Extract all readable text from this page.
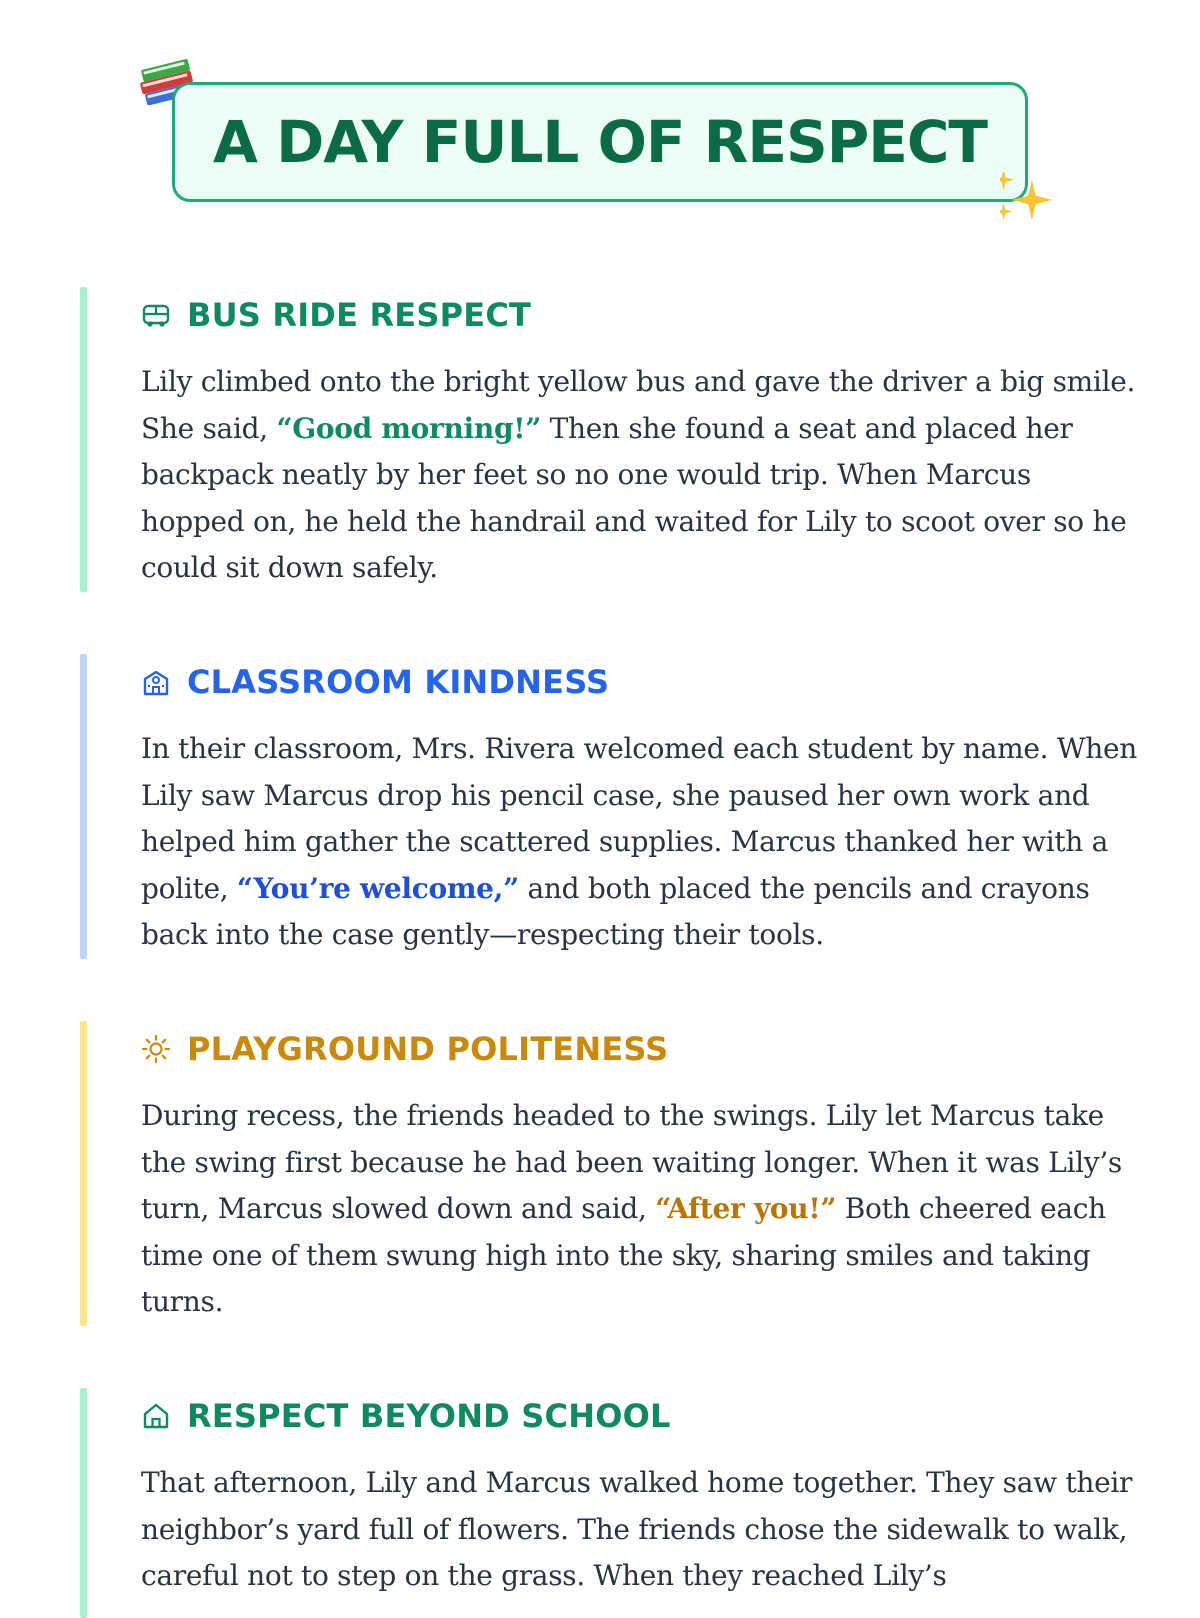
A DAY FULL OF RESPECT
BUS RIDE RESPECT
Lily climbed onto the bright yellow bus and gave the driver a big smile. She said, “Good morning!” Then she found a seat and placed her backpack neatly by her feet so no one would trip. When Marcus hopped on, he held the handrail and waited for Lily to scoot over so he could sit down safely.
CLASSROOM KINDNESS
In their classroom, Mrs. Rivera welcomed each student by name. When Lily saw Marcus drop his pencil case, she paused her own work and helped him gather the scattered supplies. Marcus thanked her with a polite, “You’re welcome,” and both placed the pencils and crayons back into the case gently—respecting their tools.
PLAYGROUND POLITENESS
During recess, the friends headed to the swings. Lily let Marcus take the swing first because he had been waiting longer. When it was Lily’s turn, Marcus slowed down and said, “After you!” Both cheered each time one of them swung high into the sky, sharing smiles and taking turns.
RESPECT BEYOND SCHOOL
That afternoon, Lily and Marcus walked home together. They saw their neighbor’s yard full of flowers. The friends chose the sidewalk to walk, careful not to step on the grass. When they reached Lily’s
